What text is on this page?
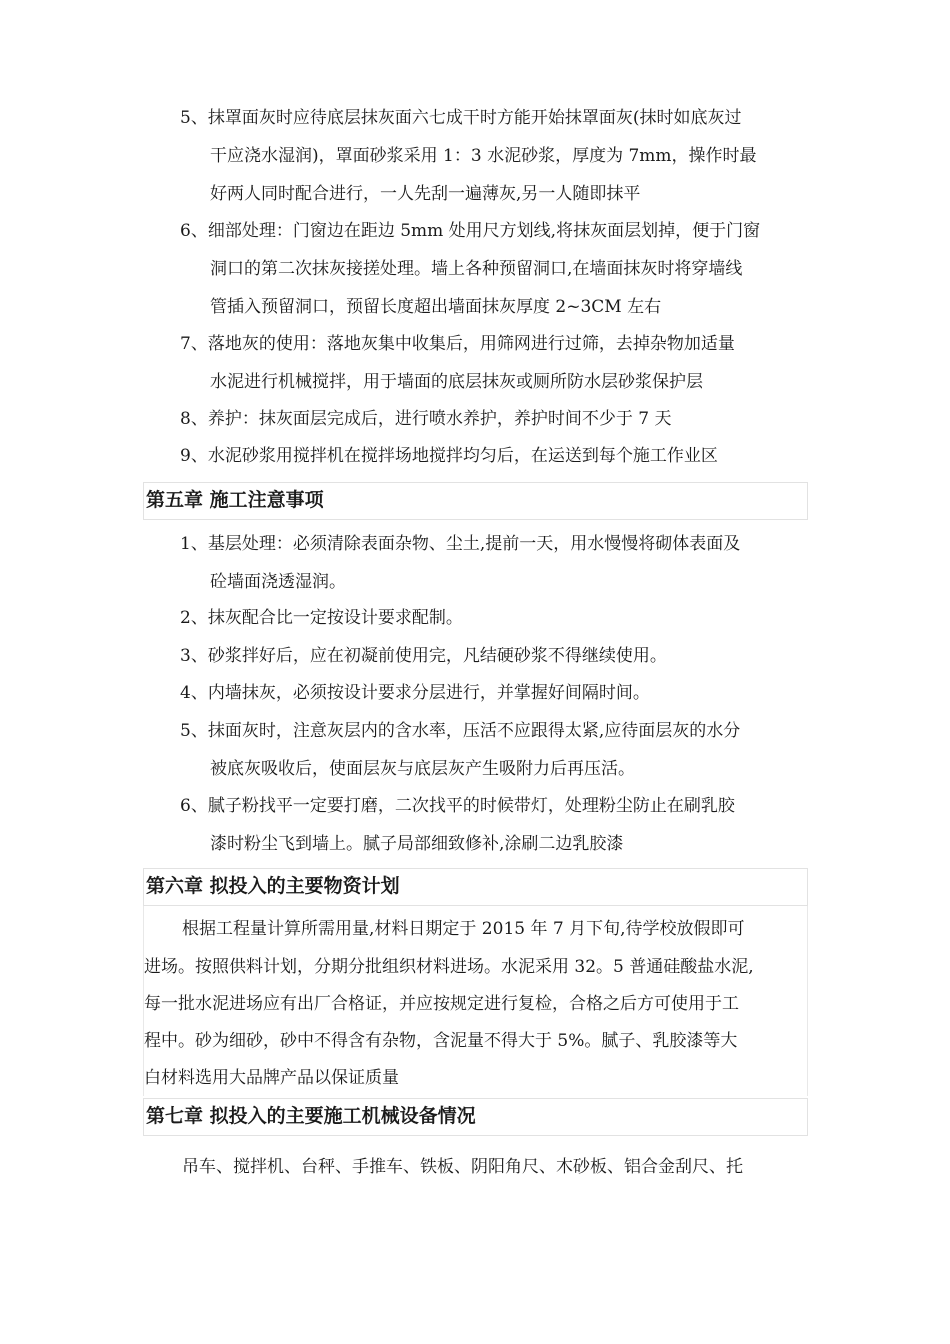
5、抹罩面灰时应待底层抹灰面六七成干时方能开始抹罩面灰(抹时如底灰过
干应浇水湿润)，罩面砂浆采用 1：3 水泥砂浆，厚度为 7mm，操作时最
好两人同时配合进行，一人先刮一遍薄灰,另一人随即抹平
6、细部处理：门窗边在距边 5mm 处用尺方划线,将抹灰面层划掉，便于门窗
洞口的第二次抹灰接搓处理。墙上各种预留洞口,在墙面抹灰时将穿墙线
管插入预留洞口，预留长度超出墙面抹灰厚度 2~3CM 左右
7、落地灰的使用：落地灰集中收集后，用筛网进行过筛，去掉杂物加适量
水泥进行机械搅拌，用于墙面的底层抹灰或厕所防水层砂浆保护层
8、养护：抹灰面层完成后，进行喷水养护，养护时间不少于 7 天
9、水泥砂浆用搅拌机在搅拌场地搅拌均匀后，在运送到每个施工作业区
第五章 施工注意事项
1、基层处理：必须清除表面杂物、尘土,提前一天，用水慢慢将砌体表面及
砼墙面浇透湿润。
2、抹灰配合比一定按设计要求配制。
3、砂浆拌好后，应在初凝前使用完，凡结硬砂浆不得继续使用。
4、内墙抹灰，必须按设计要求分层进行，并掌握好间隔时间。
5、抹面灰时，注意灰层内的含水率，压活不应跟得太紧,应待面层灰的水分
被底灰吸收后，使面层灰与底层灰产生吸附力后再压活。
6、腻子粉找平一定要打磨，二次找平的时候带灯，处理粉尘防止在刷乳胶
漆时粉尘飞到墙上。腻子局部细致修补,涂刷二边乳胶漆
第六章 拟投入的主要物资计划
根据工程量计算所需用量,材料日期定于 2015 年 7 月下旬,待学校放假即可
进场。按照供料计划，分期分批组织材料进场。水泥采用 32。5 普通硅酸盐水泥,
每一批水泥进场应有出厂合格证，并应按规定进行复检，合格之后方可使用于工
程中。砂为细砂，砂中不得含有杂物，含泥量不得大于 5%。腻子、乳胶漆等大
白材料选用大品牌产品以保证质量
第七章 拟投入的主要施工机械设备情况
吊车、搅拌机、台秤、手推车、铁板、阴阳角尺、木砂板、铝合金刮尺、托
